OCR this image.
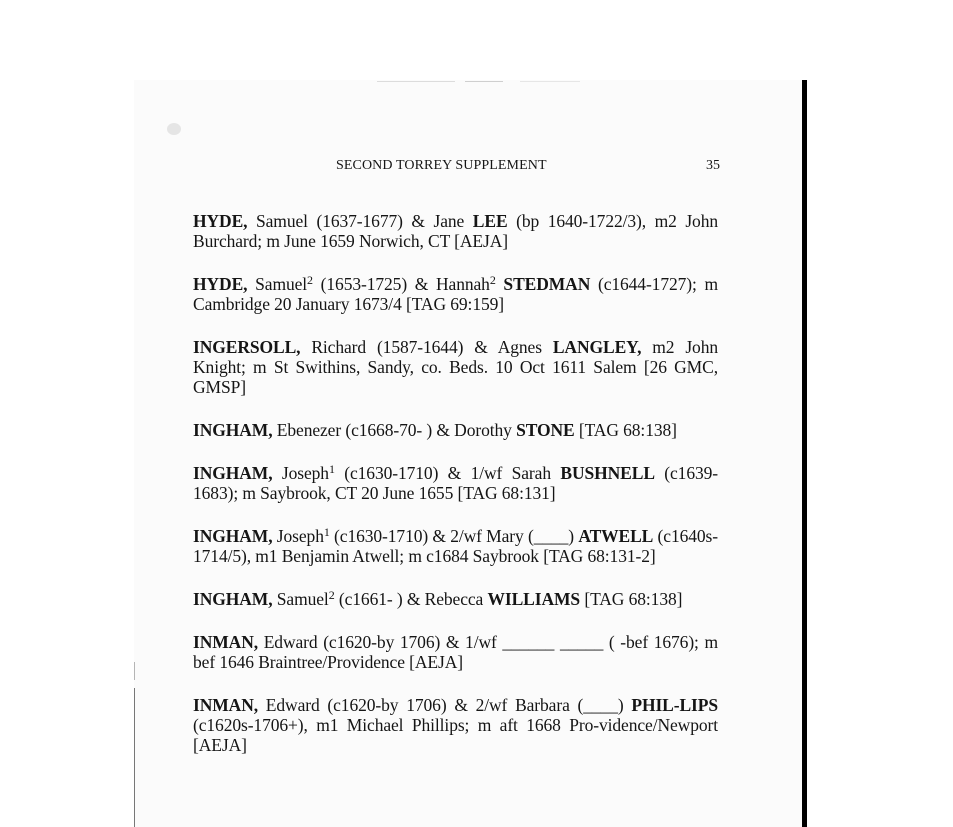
SECOND TORREY SUPPLEMENT	35

HYDE, Samuel (1637-1677) & Jane LEE (bp 1640-1722/3), m2 John Burchard; m June 1659 Norwich, CT [AEJA]

HYDE, Samuel$^2$ (1653-1725) & Hannah$^2$ STEDMAN (c1644-1727); m Cambridge 20 January 1673/4 [TAG 69:159]

INGERSOLL, Richard (1587-1644) & Agnes LANGLEY, m2 John Knight; m St Swithins, Sandy, co. Beds. 10 Oct 1611 Salem [26 GMC, GMSP]

INGHAM, Ebenezer (c1668-70- ) & Dorothy STONE [TAG 68:138]

INGHAM, Joseph$^1$ (c1630-1710) & 1/wf Sarah BUSHNELL (c1639-1683); m Saybrook, CT 20 June 1655 [TAG 68:131]

INGHAM, Joseph$^1$ (c1630-1710) & 2/wf Mary (____) ATWELL (c1640s-1714/5), m1 Benjamin Atwell; m c1684 Saybrook [TAG 68:131-2]

INGHAM, Samuel$^2$ (c1661- ) & Rebecca WILLIAMS [TAG 68:138]

INMAN, Edward (c1620-by 1706) & 1/wf ______ _____ ( -bef 1676); m bef 1646 Braintree/Providence [AEJA]

INMAN, Edward (c1620-by 1706) & 2/wf Barbara (____) PHIL-LIPS (c1620s-1706+), m1 Michael Phillips; m aft 1668 Pro-vidence/Newport [AEJA]
